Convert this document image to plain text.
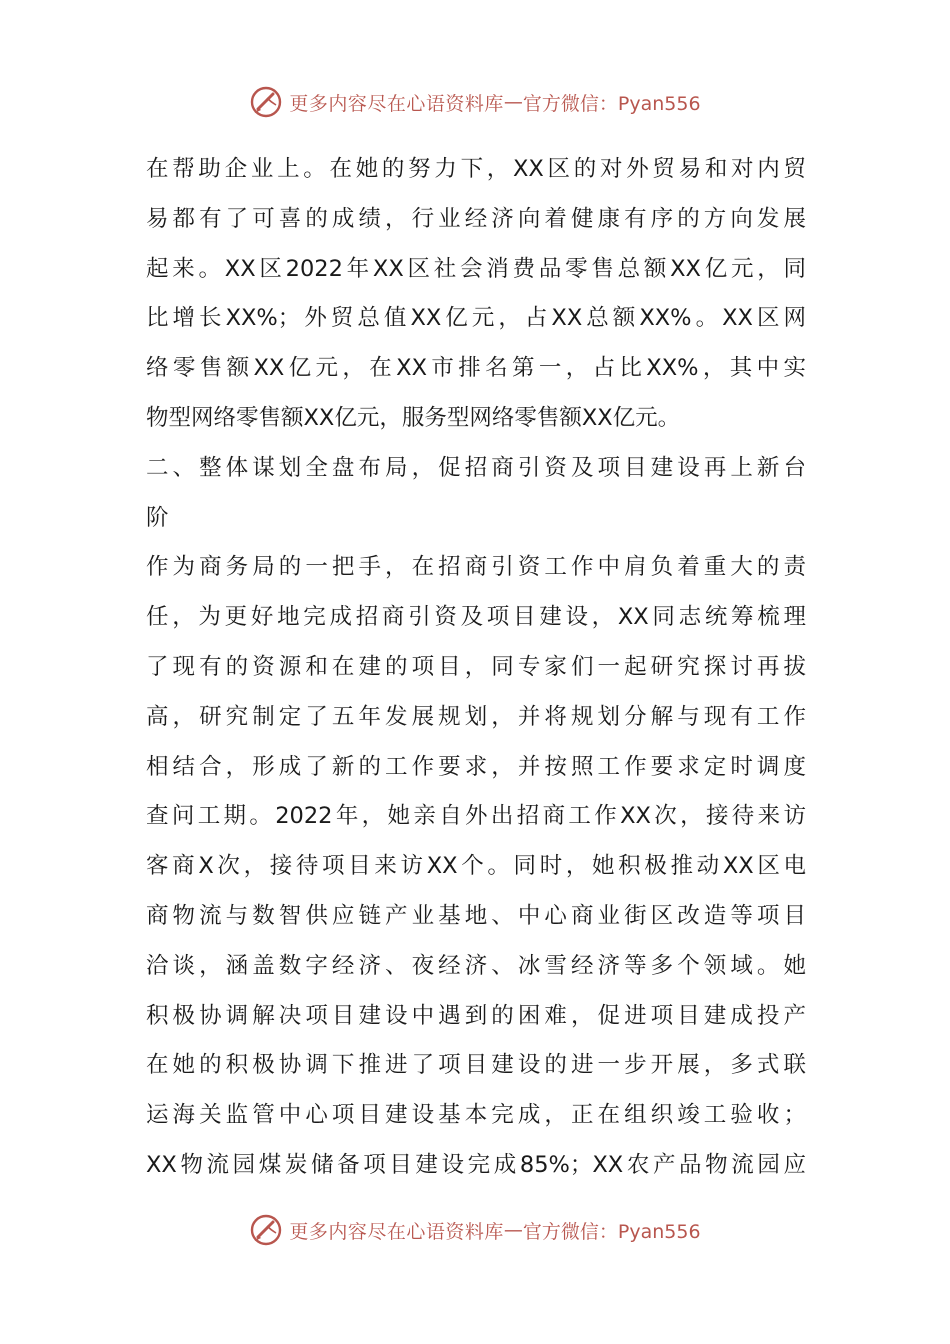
更多内容尽在心语资料库 — 官方微信：Pyan556
在帮助企业上。在她的努力下，XX区的对外贸易和对内贸
易都有了可喜的成绩，行业经济向着健康有序的方向发展
起来。XX区2022年XX区社会消费品零售总额XX亿元，同
比增长XX%；外贸总值XX亿元，占XX总额XX%。XX区网
络零售额XX亿元，在XX市排名第一，占比XX%，其中实
物型网络零售额XX亿元，服务型网络零售额XX亿元。
二、整体谋划全盘布局，促招商引资及项目建设再上新台
阶
作为商务局的一把手，在招商引资工作中肩负着重大的责
任，为更好地完成招商引资及项目建设，XX同志统筹梳理
了现有的资源和在建的项目，同专家们一起研究探讨再拔
高，研究制定了五年发展规划，并将规划分解与现有工作
相结合，形成了新的工作要求，并按照工作要求定时调度
查问工期。2022年，她亲自外出招商工作XX次，接待来访
客商X次，接待项目来访XX个。同时，她积极推动XX区电
商物流与数智供应链产业基地、中心商业街区改造等项目
洽谈，涵盖数字经济、夜经济、冰雪经济等多个领域。她
积极协调解决项目建设中遇到的困难，促进项目建成投产
在她的积极协调下推进了项目建设的进一步开展，多式联
运海关监管中心项目建设基本完成，正在组织竣工验收；
XX物流园煤炭储备项目建设完成85%；XX农产品物流园应
更多内容尽在心语资料库 — 官方微信：Pyan556
